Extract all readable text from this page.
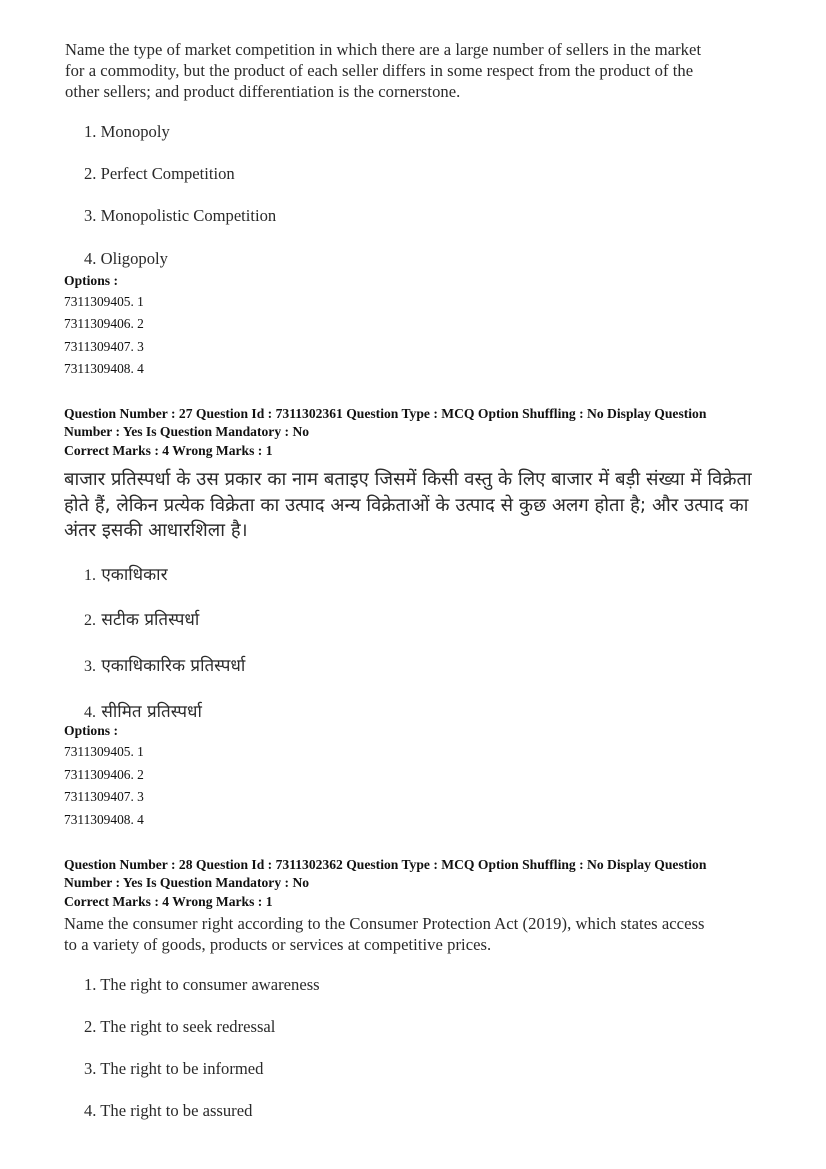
Name the type of market competition in which there are a large number of sellers in the market
for a commodity, but the product of each seller differs in some respect from the product of the
other sellers; and product differentiation is the cornerstone.
1. Monopoly
2. Perfect Competition
3. Monopolistic Competition
4. Oligopoly
Options :
7311309405. 1
7311309406. 2
7311309407. 3
7311309408. 4
Question Number : 27 Question Id : 7311302361 Question Type : MCQ Option Shuffling : No Display Question
Number : Yes Is Question Mandatory : No
Correct Marks : 4 Wrong Marks : 1
बाजार प्रतिस्पर्धा के उस प्रकार का नाम बताइए जिसमें किसी वस्तु के लिए बाजार में बड़ी संख्या में विक्रेता
होते हैं, लेकिन प्रत्येक विक्रेता का उत्पाद अन्य विक्रेताओं के उत्पाद से कुछ अलग होता है; और उत्पाद का
अंतर इसकी आधारशिला है।
1. एकाधिकार
2. सटीक प्रतिस्पर्धा
3. एकाधिकारिक प्रतिस्पर्धा
4. सीमित प्रतिस्पर्धा
Options :
7311309405. 1
7311309406. 2
7311309407. 3
7311309408. 4
Question Number : 28 Question Id : 7311302362 Question Type : MCQ Option Shuffling : No Display Question
Number : Yes Is Question Mandatory : No
Correct Marks : 4 Wrong Marks : 1
Name the consumer right according to the Consumer Protection Act (2019), which states access
to a variety of goods, products or services at competitive prices.
1. The right to consumer awareness
2. The right to seek redressal
3. The right to be informed
4. The right to be assured
